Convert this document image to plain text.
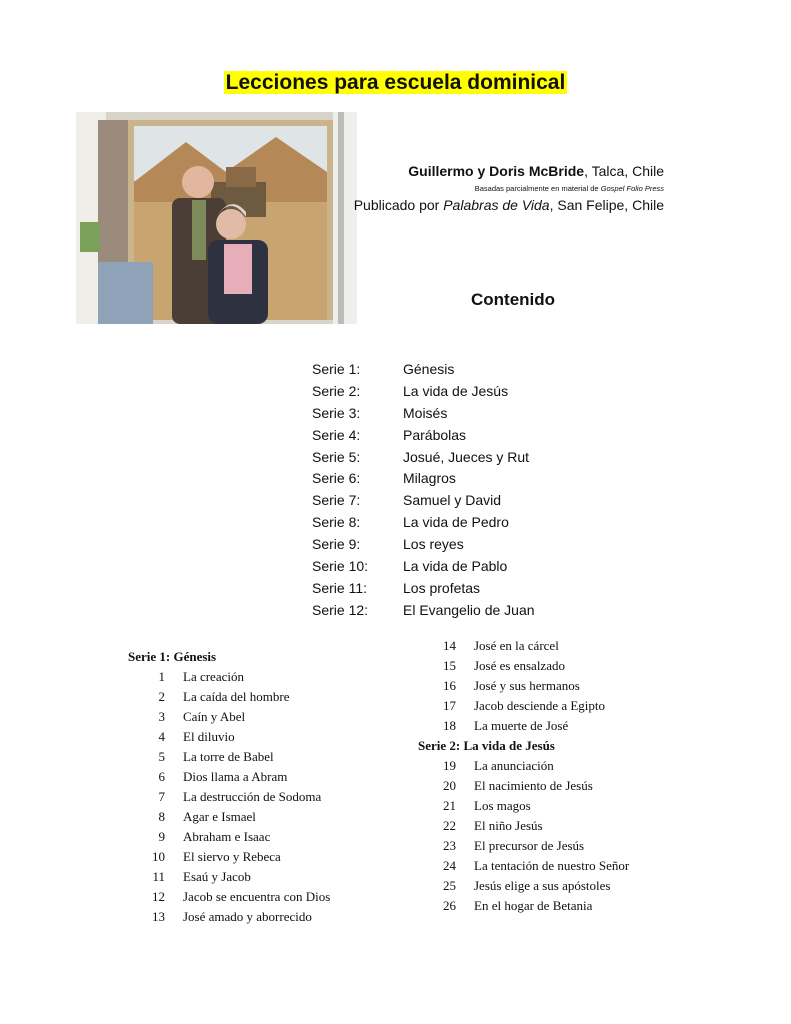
Lecciones para escuela dominical
Guillermo y Doris McBride, Talca, Chile
Basadas parcialmente en material de Gospel Folio Press
Publicado por Palabras de Vida, San Felipe, Chile
Contenido
Serie 1:	Génesis
Serie 2:	La vida de Jesús
Serie 3:	Moisés
Serie 4:	Parábolas
Serie 5:	Josué, Jueces y Rut
Serie 6:	Milagros
Serie 7:	Samuel y David
Serie 8:	La vida de Pedro
Serie 9:	Los reyes
Serie 10:	La vida de Pablo
Serie 11:	Los profetas
Serie 12:	El Evangelio de Juan
Serie 1: Génesis
1	La creación
2	La caída del hombre
3	Caín y Abel
4	El diluvio
5	La torre de Babel
6	Dios llama a Abram
7	La destrucción de Sodoma
8	Agar e Ismael
9	Abraham e Isaac
10	El siervo y Rebeca
11	Esaú y Jacob
12	Jacob se encuentra con Dios
13	José amado y aborrecido
14	José en la cárcel
15	José es ensalzado
16	José y sus hermanos
17	Jacob desciende a Egipto
18	La muerte de José
Serie 2: La vida de Jesús
19	La anunciación
20	El nacimiento de Jesús
21	Los magos
22	El niño Jesús
23	El precursor de Jesús
24	La tentación de nuestro Señor
25	Jesús elige a sus apóstoles
26	En el hogar de Betania
